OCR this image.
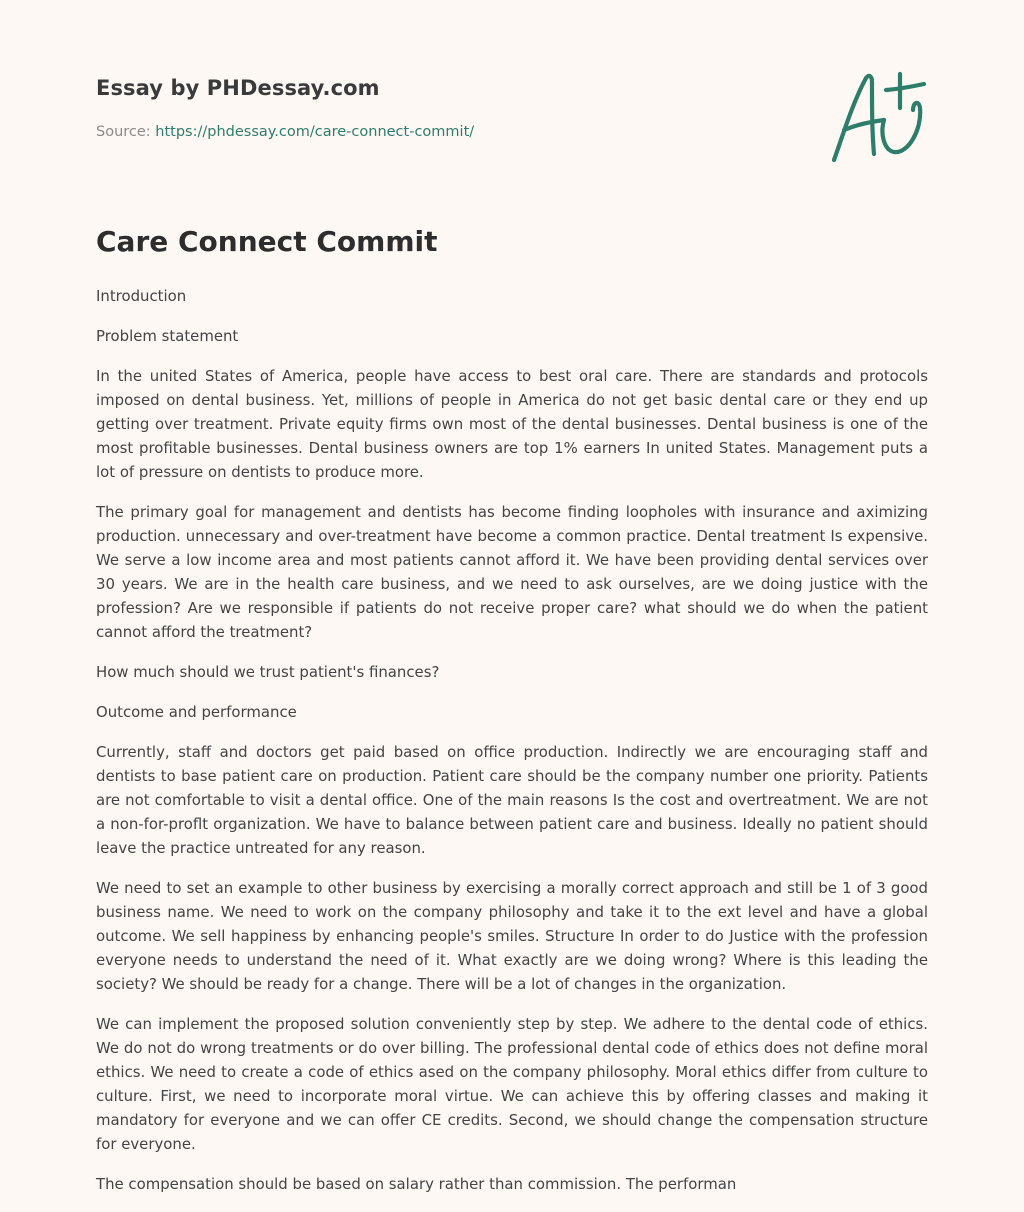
Essay by PHDessay.com
Source: https://phdessay.com/care-connect-commit/
Care Connect Commit

Introduction

Problem statement

In the united States of America, people have access to best oral care. There are standards and protocols imposed on dental business. Yet, millions of people in America do not get basic dental care or they end up getting over treatment. Private equity firms own most of the dental businesses. Dental business is one of the most profitable businesses. Dental business owners are top 1% earners In united States. Management puts a lot of pressure on dentists to produce more.

The primary goal for management and dentists has become finding loopholes with insurance and aximizing production. unnecessary and over-treatment have become a common practice. Dental treatment Is expensive. We serve a low income area and most patients cannot afford it. We have been providing dental services over 30 years. We are in the health care business, and we need to ask ourselves, are we doing justice with the profession? Are we responsible if patients do not receive proper care? what should we do when the patient cannot afford the treatment?

How much should we trust patient's finances?

Outcome and performance

Currently, staff and doctors get paid based on office production. Indirectly we are encouraging staff and dentists to base patient care on production. Patient care should be the company number one priority. Patients are not comfortable to visit a dental office. One of the main reasons Is the cost and overtreatment. We are not a non-for-proflt organization. We have to balance between patient care and business. Ideally no patient should leave the practice untreated for any reason.

We need to set an example to other business by exercising a morally correct approach and still be 1 of 3 good business name. We need to work on the company philosophy and take it to the ext level and have a global outcome. We sell happiness by enhancing people's smiles. Structure In order to do Justice with the profession everyone needs to understand the need of it. What exactly are we doing wrong? Where is this leading the society? We should be ready for a change. There will be a lot of changes in the organization.

We can implement the proposed solution conveniently step by step. We adhere to the dental code of ethics. We do not do wrong treatments or do over billing. The professional dental code of ethics does not define moral ethics. We need to create a code of ethics ased on the company philosophy. Moral ethics differ from culture to culture. First, we need to incorporate moral virtue. We can achieve this by offering classes and making it mandatory for everyone and we can offer CE credits. Second, we should change the compensation structure for everyone.

The compensation should be based on salary rather than commission. The performan
